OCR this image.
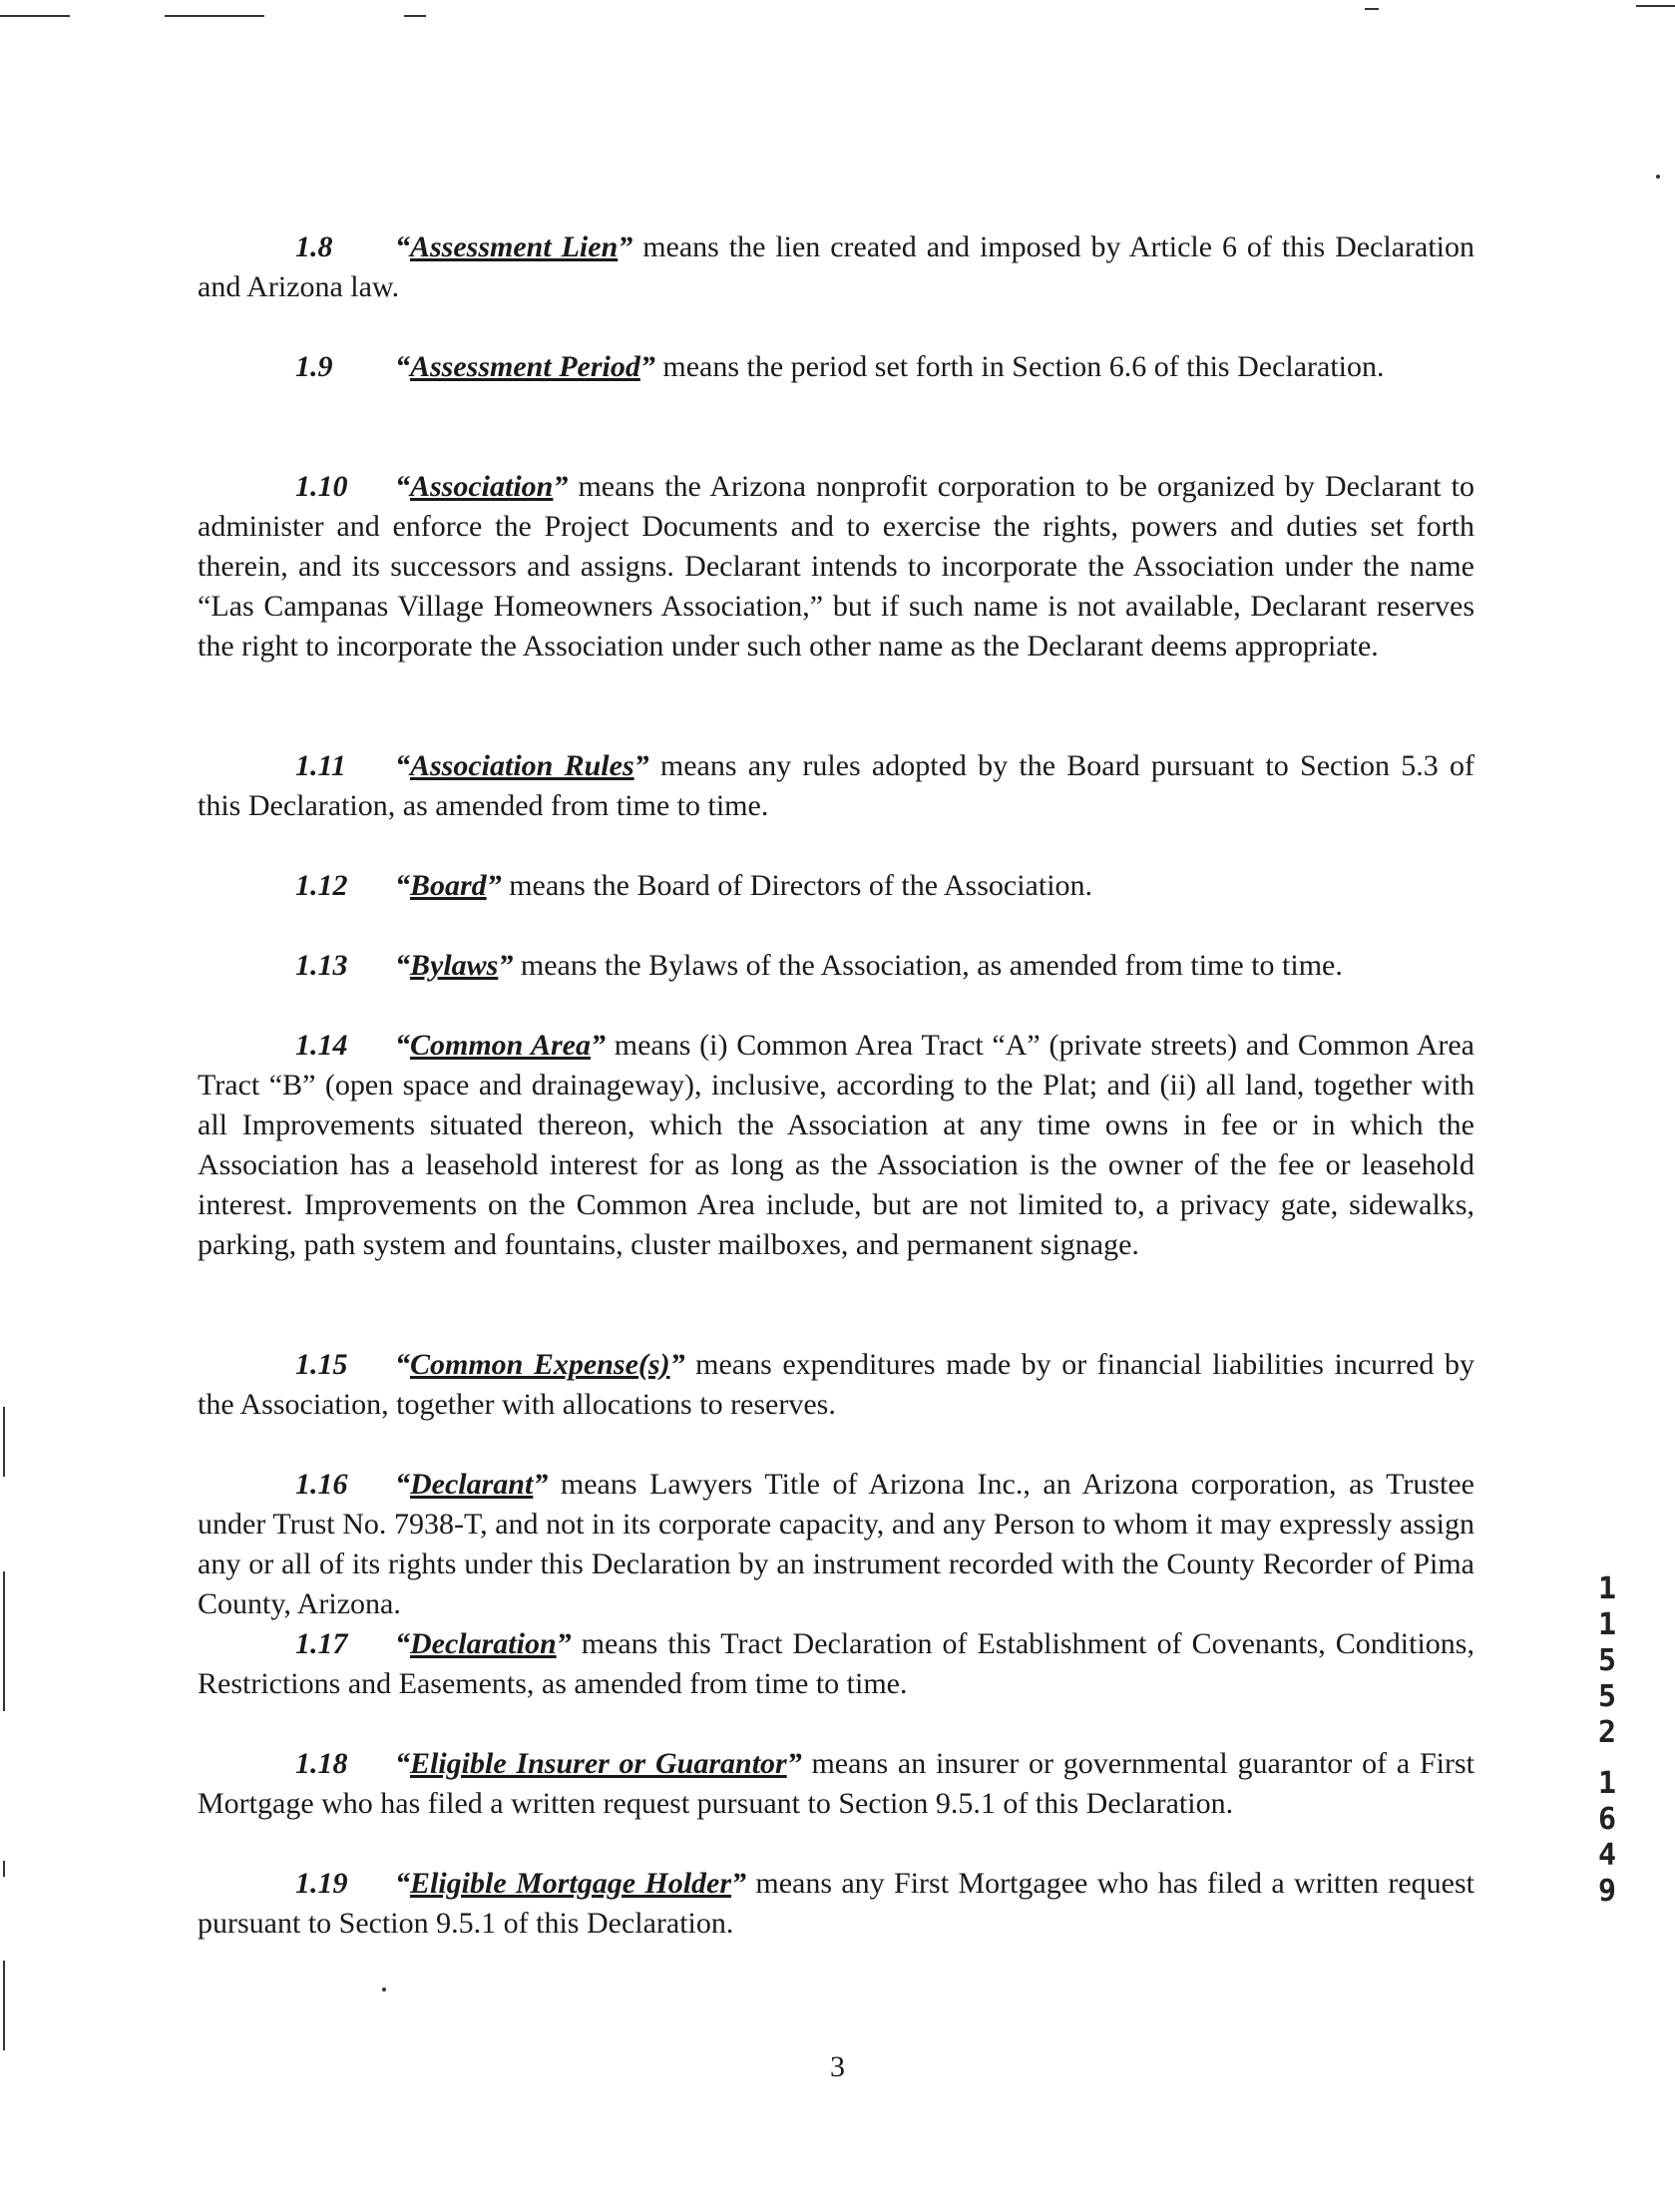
1.8 “Assessment Lien” means the lien created and imposed by Article 6 of this Declaration and Arizona law.

1.9 “Assessment Period” means the period set forth in Section 6.6 of this Declaration.

1.10 “Association” means the Arizona nonprofit corporation to be organized by Declarant to administer and enforce the Project Documents and to exercise the rights, powers and duties set forth therein, and its successors and assigns. Declarant intends to incorporate the Association under the name “Las Campanas Village Homeowners Association,” but if such name is not available, Declarant reserves the right to incorporate the Association under such other name as the Declarant deems appropriate.

1.11 “Association Rules” means any rules adopted by the Board pursuant to Section 5.3 of this Declaration, as amended from time to time.

1.12 “Board” means the Board of Directors of the Association.

1.13 “Bylaws” means the Bylaws of the Association, as amended from time to time.

1.14 “Common Area” means (i) Common Area Tract “A” (private streets) and Common Area Tract “B” (open space and drainageway), inclusive, according to the Plat; and (ii) all land, together with all Improvements situated thereon, which the Association at any time owns in fee or in which the Association has a leasehold interest for as long as the Association is the owner of the fee or leasehold interest. Improvements on the Common Area include, but are not limited to, a privacy gate, sidewalks, parking, path system and fountains, cluster mailboxes, and permanent signage.

1.15 “Common Expense(s)” means expenditures made by or financial liabilities incurred by the Association, together with allocations to reserves.

1.16 “Declarant” means Lawyers Title of Arizona Inc., an Arizona corporation, as Trustee under Trust No. 7938-T, and not in its corporate capacity, and any Person to whom it may expressly assign any or all of its rights under this Declaration by an instrument recorded with the County Recorder of Pima County, Arizona.

1.17 “Declaration” means this Tract Declaration of Establishment of Covenants, Conditions, Restrictions and Easements, as amended from time to time.

1.18 “Eligible Insurer or Guarantor” means an insurer or governmental guarantor of a First Mortgage who has filed a written request pursuant to Section 9.5.1 of this Declaration.

1.19 “Eligible Mortgage Holder” means any First Mortgagee who has filed a written request pursuant to Section 9.5.1 of this Declaration.

3
1
1
5
5
2
1
6
4
9
